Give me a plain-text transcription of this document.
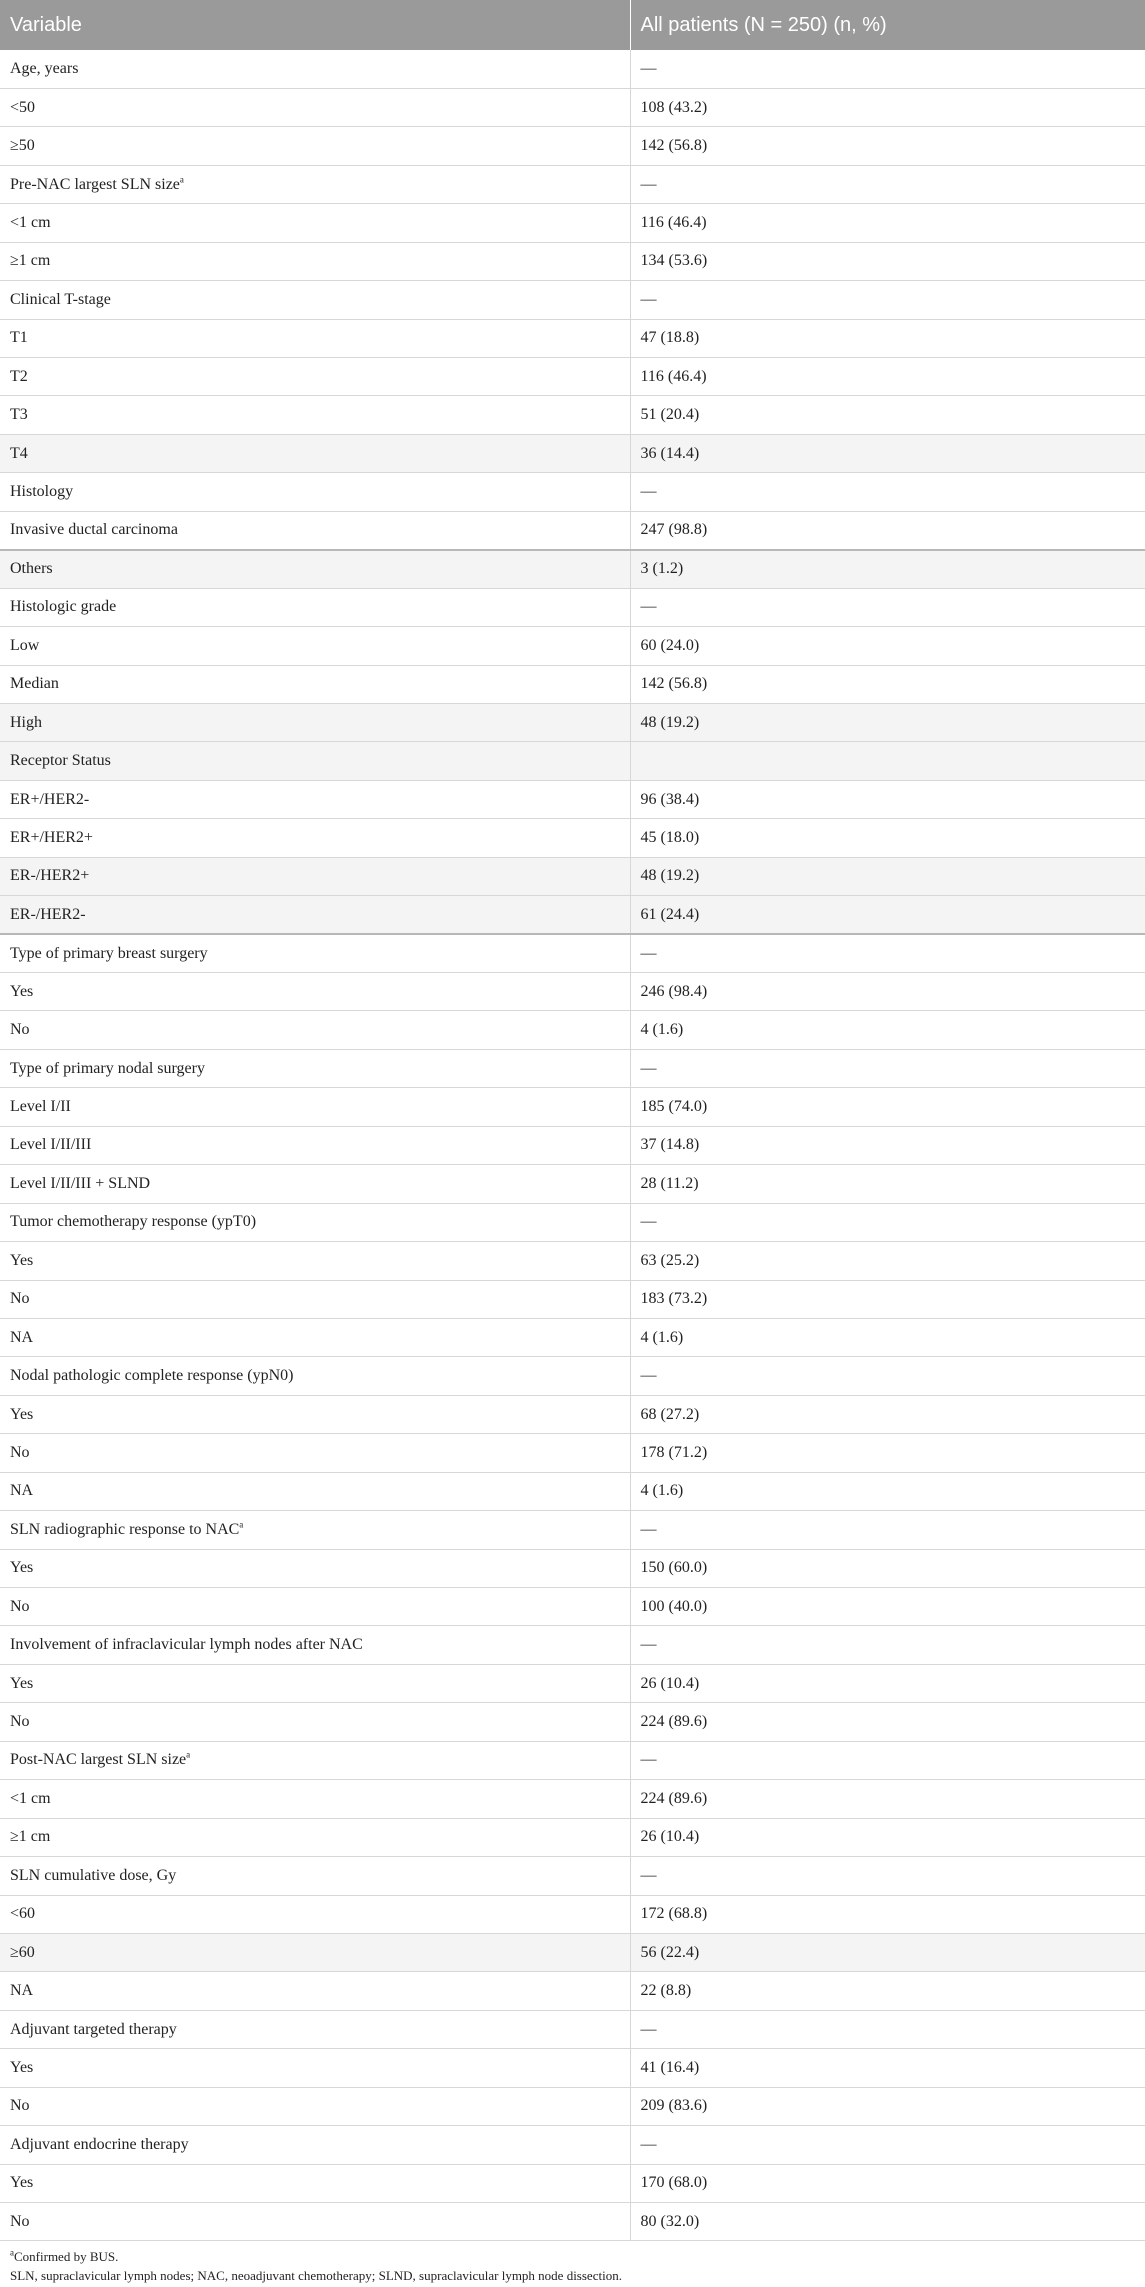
Variable	All patients (N = 250) (n, %)
Age, years	—
<50	108 (43.2)
≥50	142 (56.8)
Pre-NAC largest SLN size$^a$	—
<1 cm	116 (46.4)
≥1 cm	134 (53.6)
Clinical T-stage	—
T1	47 (18.8)
T2	116 (46.4)
T3	51 (20.4)
T4	36 (14.4)
Histology	—
Invasive ductal carcinoma	247 (98.8)
Others	3 (1.2)
Histologic grade	—
Low	60 (24.0)
Median	142 (56.8)
High	48 (19.2)
Receptor Status	
ER+/HER2-	96 (38.4)
ER+/HER2+	45 (18.0)
ER-/HER2+	48 (19.2)
ER-/HER2-	61 (24.4)
Type of primary breast surgery	—
Yes	246 (98.4)
No	4 (1.6)
Type of primary nodal surgery	—
Level I/II	185 (74.0)
Level I/II/III	37 (14.8)
Level I/II/III + SLND	28 (11.2)
Tumor chemotherapy response (ypT0)	—
Yes	63 (25.2)
No	183 (73.2)
NA	4 (1.6)
Nodal pathologic complete response (ypN0)	—
Yes	68 (27.2)
No	178 (71.2)
NA	4 (1.6)
SLN radiographic response to NAC$^a$	—
Yes	150 (60.0)
No	100 (40.0)
Involvement of infraclavicular lymph nodes after NAC	—
Yes	26 (10.4)
No	224 (89.6)
Post-NAC largest SLN size$^a$	—
<1 cm	224 (89.6)
≥1 cm	26 (10.4)
SLN cumulative dose, Gy	—
<60	172 (68.8)
≥60	56 (22.4)
NA	22 (8.8)
Adjuvant targeted therapy	—
Yes	41 (16.4)
No	209 (83.6)
Adjuvant endocrine therapy	—
Yes	170 (68.0)
No	80 (32.0)
$^a$Confirmed by BUS.
SLN, supraclavicular lymph nodes; NAC, neoadjuvant chemotherapy; SLND, supraclavicular lymph node dissection.
